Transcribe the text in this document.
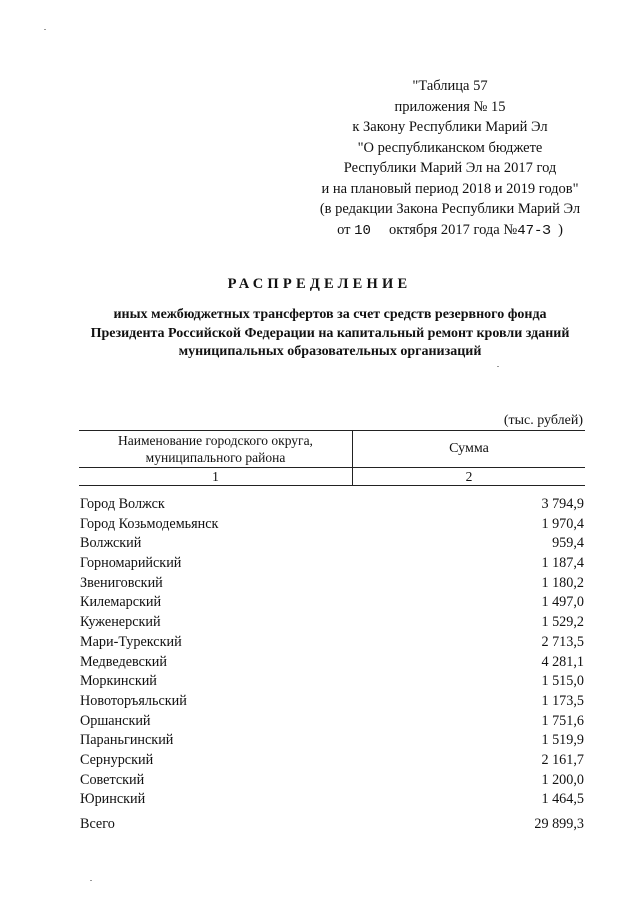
"Таблица 57
приложения № 15
к Закону Республики Марий Эл
"О республиканском бюджете
Республики Марий Эл на 2017 год
и на плановый период 2018 и 2019 годов"
(в редакции Закона Республики Марий Эл
от 10 октября 2017 года №47-З )
РАСПРЕДЕЛЕНИЕ
иных межбюджетных трансфертов за счет средств резервного фонда
Президента Российской Федерации на капитальный ремонт кровли зданий
муниципальных образовательных организаций
(тыс. рублей)
Наименование городского округа,
муниципального района
Сумма
1	2
Город Волжск	3 794,9
Город Козьмодемьянск	1 970,4
Волжский	959,4
Горномарийский	1 187,4
Звениговский	1 180,2
Килемарский	1 497,0
Куженерский	1 529,2
Мари-Турекский	2 713,5
Медведевский	4 281,1
Моркинский	1 515,0
Новоторъяльский	1 173,5
Оршанский	1 751,6
Параньгинский	1 519,9
Сернурский	2 161,7
Советский	1 200,0
Юринский	1 464,5
Всего	29 899,3
